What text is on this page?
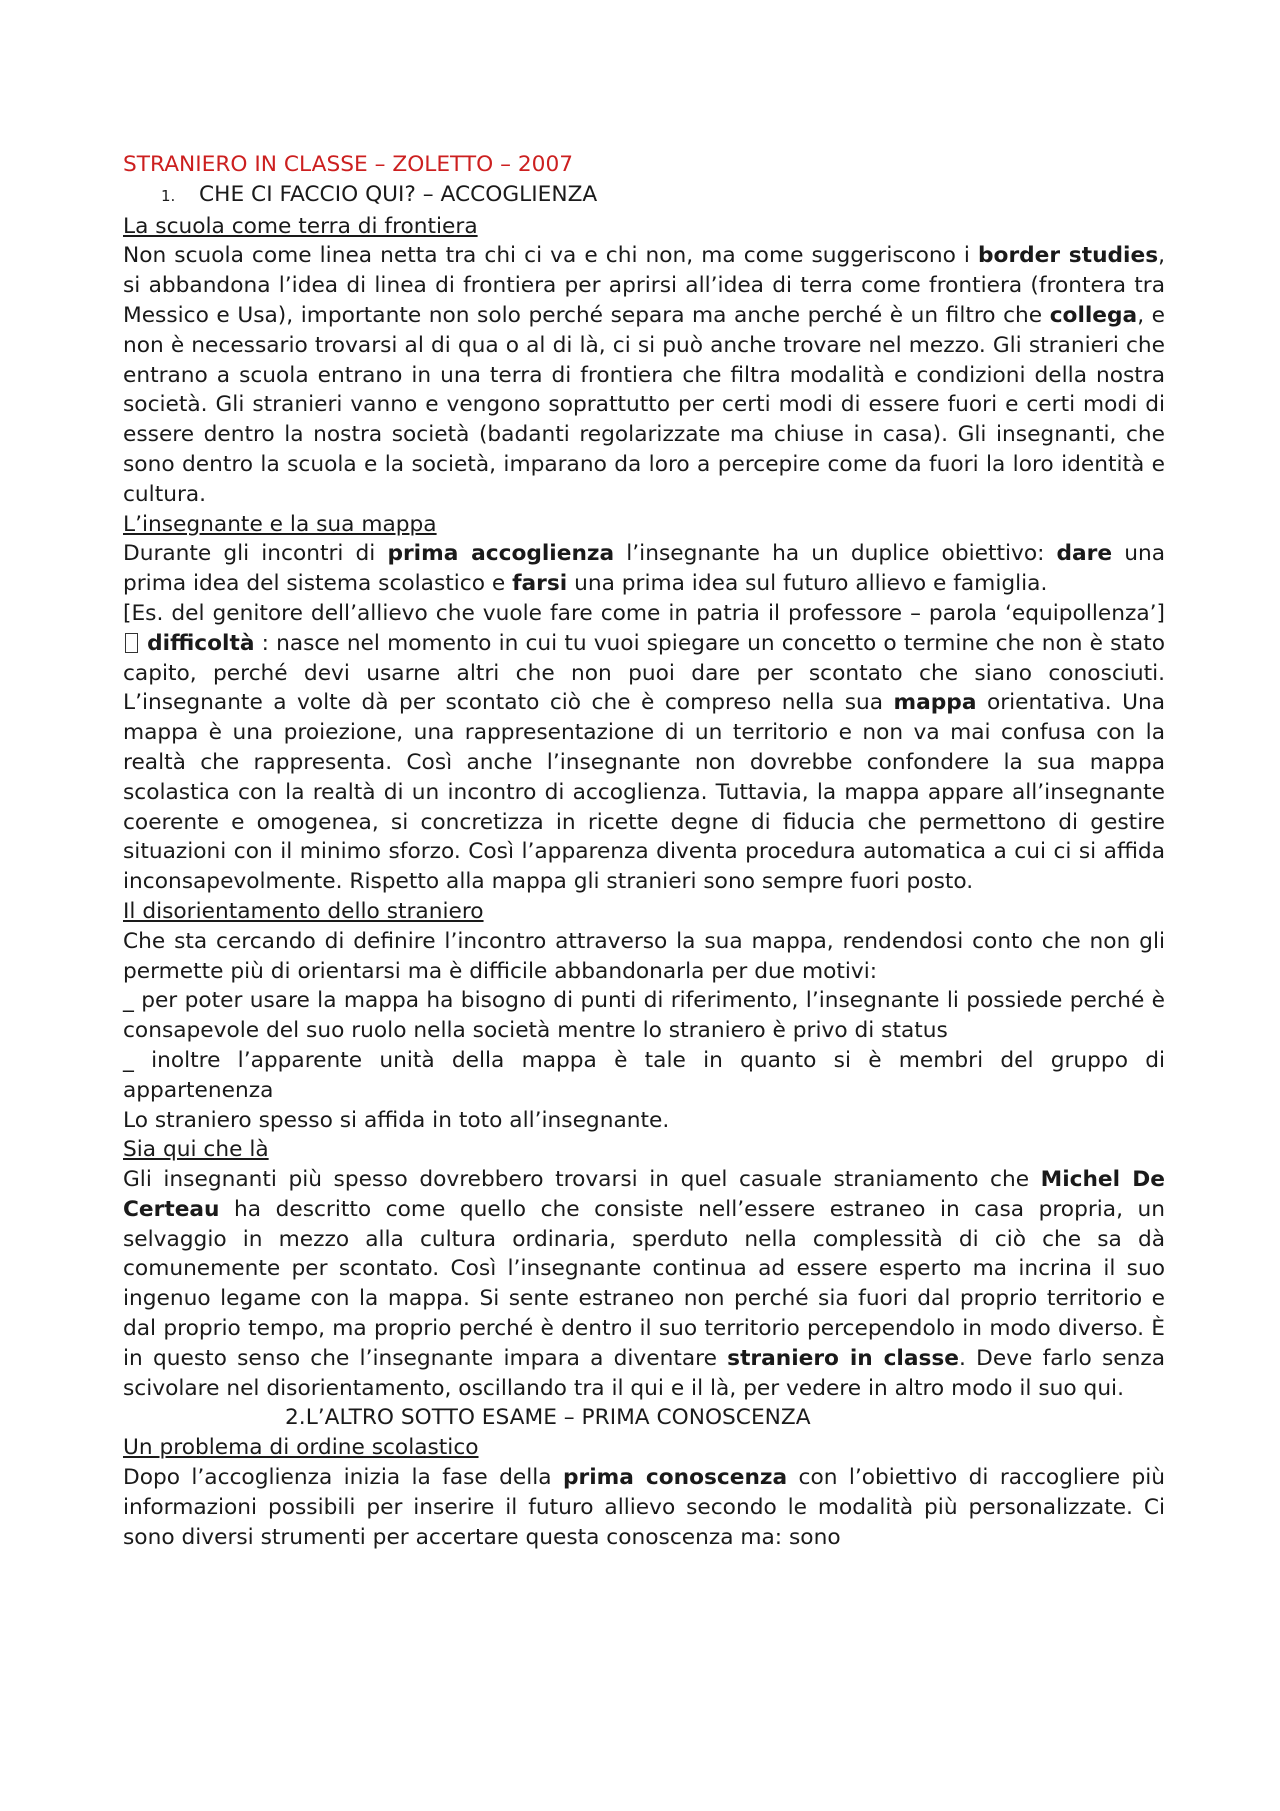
STRANIERO IN CLASSE – ZOLETTO – 2007

1. CHE CI FACCIO QUI? – ACCOGLIENZA

La scuola come terra di frontiera

Non scuola come linea netta tra chi ci va e chi non, ma come suggeriscono i border studies, si abbandona l’idea di linea di frontiera per aprirsi all’idea di terra come frontiera (frontera tra Messico e Usa), importante non solo perché separa ma anche perché è un filtro che collega, e non è necessario trovarsi al di qua o al di là, ci si può anche trovare nel mezzo. Gli stranieri che entrano a scuola entrano in una terra di frontiera che filtra modalità e condizioni della nostra società. Gli stranieri vanno e vengono soprattutto per certi modi di essere fuori e certi modi di essere dentro la nostra società (badanti regolarizzate ma chiuse in casa). Gli insegnanti, che sono dentro la scuola e la società, imparano da loro a percepire come da fuori la loro identità e cultura.

L’insegnante e la sua mappa

Durante gli incontri di prima accoglienza l’insegnante ha un duplice obiettivo: dare una prima idea del sistema scolastico e farsi una prima idea sul futuro allievo e famiglia.

[Es. del genitore dell’allievo che vuole fare come in patria il professore – parola ‘equipollenza’]  difficoltà : nasce nel momento in cui tu vuoi spiegare un concetto o termine che non è stato capito, perché devi usarne altri che non puoi dare per scontato che siano conosciuti. L’insegnante a volte dà per scontato ciò che è compreso nella sua mappa orientativa. Una mappa è una proiezione, una rappresentazione di un territorio e non va mai confusa con la realtà che rappresenta. Così anche l’insegnante non dovrebbe confondere la sua mappa scolastica con la realtà di un incontro di accoglienza. Tuttavia, la mappa appare all’insegnante coerente e omogenea, si concretizza in ricette degne di fiducia che permettono di gestire situazioni con il minimo sforzo. Così l’apparenza diventa procedura automatica a cui ci si affida inconsapevolmente. Rispetto alla mappa gli stranieri sono sempre fuori posto.

Il disorientamento dello straniero

Che sta cercando di definire l’incontro attraverso la sua mappa, rendendosi conto che non gli permette più di orientarsi ma è difficile abbandonarla per due motivi:

_ per poter usare la mappa ha bisogno di punti di riferimento, l’insegnante li possiede perché è consapevole del suo ruolo nella società mentre lo straniero è privo di status

_ inoltre l’apparente unità della mappa è tale in quanto si è membri del gruppo di appartenenza

Lo straniero spesso si affida in toto all’insegnante.

Sia qui che là

Gli insegnanti più spesso dovrebbero trovarsi in quel casuale straniamento che Michel De Certeau ha descritto come quello che consiste nell’essere estraneo in casa propria, un selvaggio in mezzo alla cultura ordinaria, sperduto nella complessità di ciò che sa dà comunemente per scontato. Così l’insegnante continua ad essere esperto ma incrina il suo ingenuo legame con la mappa. Si sente estraneo non perché sia fuori dal proprio territorio e dal proprio tempo, ma proprio perché è dentro il suo territorio percependolo in modo diverso. È in questo senso che l’insegnante impara a diventare straniero in classe. Deve farlo senza scivolare nel disorientamento, oscillando tra il qui e il là, per vedere in altro modo il suo qui.

2.L’ALTRO SOTTO ESAME – PRIMA CONOSCENZA

Un problema di ordine scolastico

Dopo l’accoglienza inizia la fase della prima conoscenza con l’obiettivo di raccogliere più informazioni possibili per inserire il futuro allievo secondo le modalità più personalizzate. Ci sono diversi strumenti per accertare questa conoscenza ma: sono
